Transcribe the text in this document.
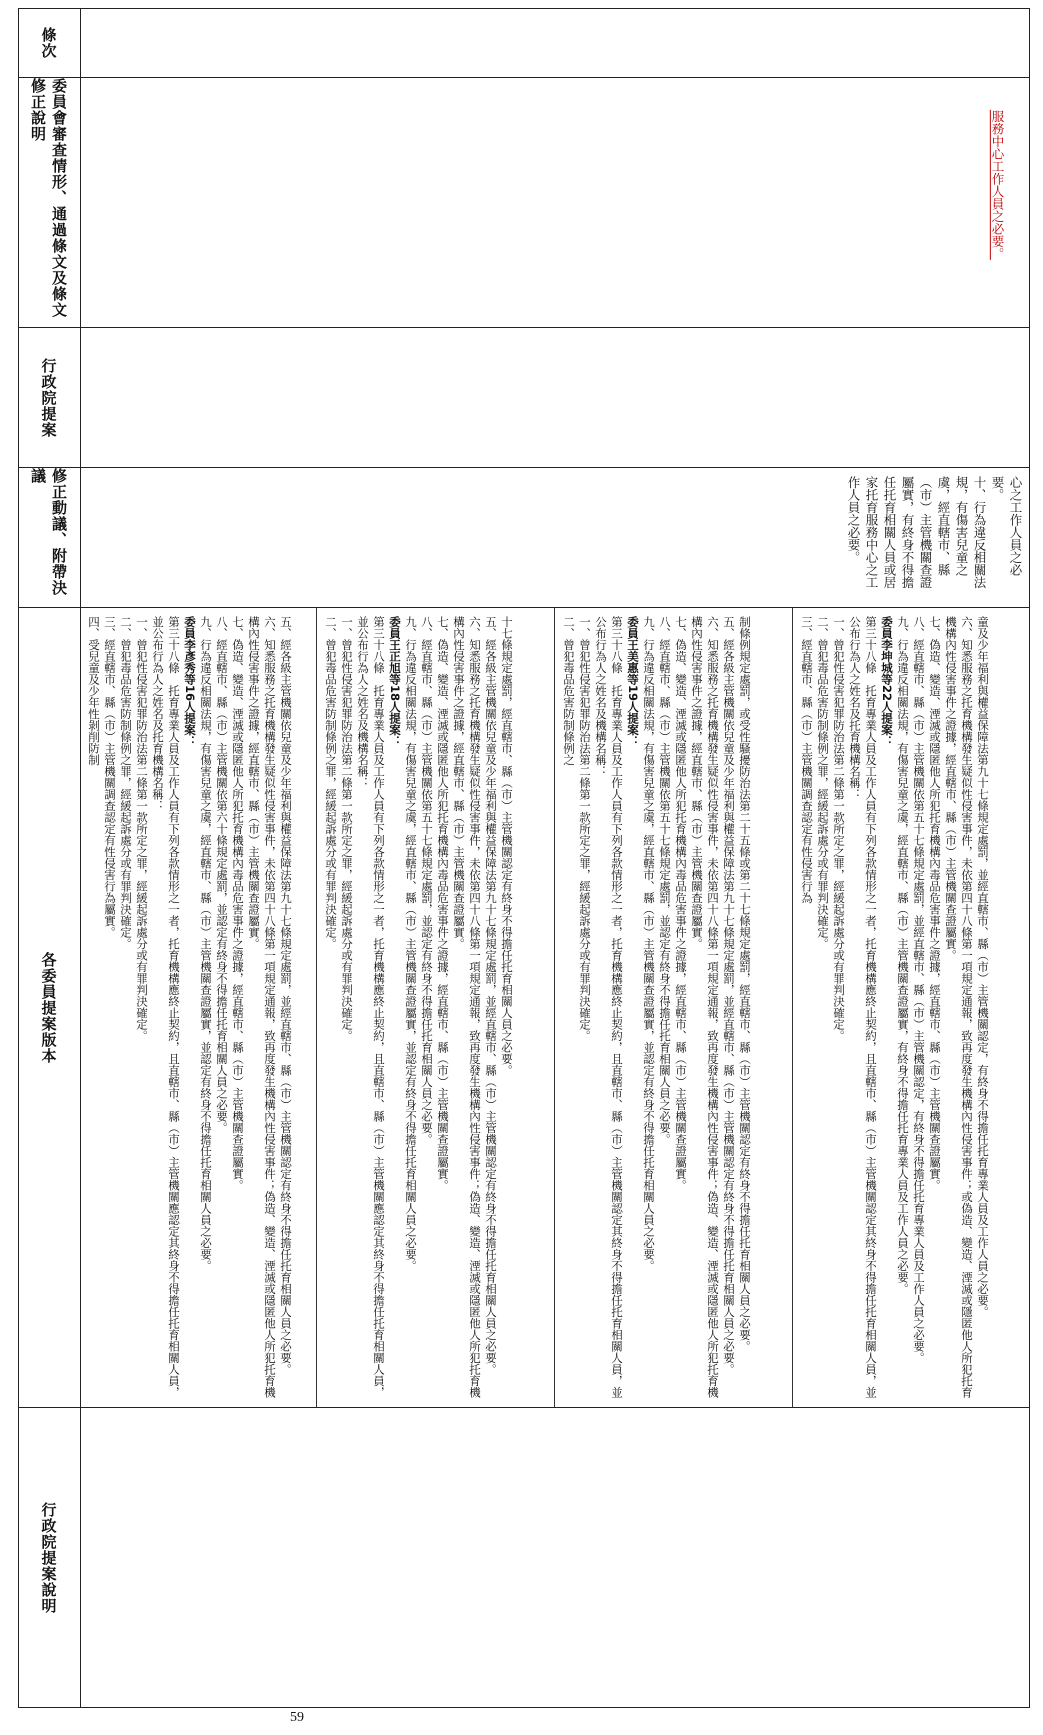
條次
委員會審查情形、通過條文及條文修正說明
行政院提案
修正動議、附帶決議
各委員提案版本
行政院提案說明

服務中心工作人員之必要。

心之工作人員之必要。
十、行為違反相關法規，有傷害兒童之虞，經直轄市、縣（市）主管機關查證屬實，有終身不得擔任托育相關人員或居家托育服務中心之工作人員之必要。
童及少年福利與權益保障法第九十七條規定處罰，並經直轄市、縣（市）主管機關認定，有終身不得擔任托育專業人員及工作人員之必要。
六、知悉服務之托育機構發生疑似性侵害事件，未依第四十八條第一項規定通報，致再度發生機構內性侵害事件；或偽造、變造、湮滅或隱匿他人所犯托育機構內性侵害事件之證據，經直轄市、縣（市）主管機關查證屬實。
七、偽造、變造、湮滅或隱匿他人所犯托育機構內毒品危害事件之證據，經直轄市、縣（市）主管機關查證屬實。
八、經直轄市、縣（市）主管機關依第五十七條規定處罰，並經直轄市、縣（市）主管機關認定，有終身不得擔任托育專業人員及工作人員之必要。
九、行為違反相關法規，有傷害兒童之虞，經直轄市、縣（市）主管機關查證屬實，有終身不得擔任托育專業人員及工作人員之必要。
委員李坤城等22人提案：
第三十八條　托育專業人員及工作人員有下列各款情形之一者，托育機構應終止契約，且直轄市、縣（市）主管機關認定其終身不得擔任托育相關人員，並公布行為人之姓名及托育機構名稱：
一、曾犯性侵害犯罪防治法第二條第一款所定之罪，經緩起訴處分或有罪判決確定。
二、曾犯毒品危害防制條例之罪，經緩起訴處分或有罪判決確定。
三、經直轄市、縣（市）主管機關調查認定有性侵害行為
制條例規定處罰，或受性騷擾防治法第二十五條或第二十七條規定處罰，經直轄市、縣（市）主管機關認定有終身不得擔任托育相關人員之必要。
五、經各級主管機關依兒童及少年福利與權益保障法第九十七條規定處罰，並經直轄市、縣（市）主管機關認定有終身不得擔任托育相關人員之必要。
六、知悉服務之托育機構發生疑似性侵害事件，未依第四十八條第一項規定通報，致再度發生機構內性侵害事件；偽造、變造、湮滅或隱匿他人所犯托育機構內性侵害事件之證據，經直轄市、縣（市）主管機關查證屬實。
七、偽造、變造、湮滅或隱匿他人所犯托育機構內毒品危害事件之證據，經直轄市、縣（市）主管機關查證屬實。
八、經直轄市、縣（市）主管機關依第五十七條規定處罰，並認定有終身不得擔任托育相關人員之必要。
九、行為違反相關法規，有傷害兒童之虞，經直轄市、縣（市）主管機關查證屬實，並認定有終身不得擔任托育相關人員之必要。
委員王美惠等19人提案：
第三十八條　托育專業人員及工作人員有下列各款情形之一者，托育機構應終止契約，且直轄市、縣（市）主管機關認定其終身不得擔任托育相關人員，並公布行為人之姓名及機構名稱：
一、曾犯性侵害犯罪防治法第二條第一款所定之罪，經緩起訴處分或有罪判決確定。
二、曾犯毒品危害防制條例之
十七條規定處罰，經直轄市、縣（市）主管機關認定有終身不得擔任托育相關人員之必要。
五、經各級主管機關依兒童及少年福利與權益保障法第九十七條規定處罰，並經直轄市、縣（市）主管機關認定有終身不得擔任托育相關人員之必要。
六、知悉服務之托育機構發生疑似性侵害事件，未依第四十八條第一項規定通報，致再度發生機構內性侵害事件；偽造、變造、湮滅或隱匿他人所犯托育機構內性侵害事件之證據，經直轄市、縣（市）主管機關查證屬實。
七、偽造、變造、湮滅或隱匿他人所犯托育機構內毒品危害事件之證據，經直轄市、縣（市）主管機關查證屬實。
八、經直轄市、縣（市）主管機關依第五十七條規定處罰，並認定有終身不得擔任托育相關人員之必要。
九、行為違反相關法規，有傷害兒童之虞，經直轄市、縣（市）主管機關查證屬實，並認定有終身不得擔任托育相關人員之必要。
委員王正旭等18人提案：
第三十八條　托育專業人員及工作人員有下列各款情形之一者，托育機構應終止契約，且直轄市、縣（市）主管機關應認定其終身不得擔任托育相關人員，並公布行為人之姓名及機構名稱：
一、曾犯性侵害犯罪防治法第二條第一款所定之罪，經緩起訴處分或有罪判決確定。
二、曾犯毒品危害防制條例之罪，經緩起訴處分或有罪判決確定。
五、經各級主管機關依兒童及少年福利與權益保障法第九十七條規定處罰，並經直轄市、縣（市）主管機關認定有終身不得擔任托育相關人員之必要。
六、知悉服務之托育機構發生疑似性侵害事件，未依第四十八條第一項規定通報，致再度發生機構內性侵害事件；偽造、變造、湮滅或隱匿他人所犯托育機構內性侵害事件之證據，經直轄市、縣（市）主管機關查證屬實。
七、偽造、變造、湮滅或隱匿他人所犯托育機構內毒品危害事件之證據，經直轄市、縣（市）主管機關查證屬實。
八、經直轄市、縣（市）主管機關依第六十條規定處罰，並認定有終身不得擔任托育相關人員之必要。
九、行為違反相關法規，有傷害兒童之虞，經直轄市、縣（市）主管機關查證屬實，並認定有終身不得擔任托育相關人員之必要。
委員李彥秀等16人提案：
第三十八條　托育專業人員及工作人員有下列各款情形之一者，托育機構應終止契約，且直轄市、縣（市）主管機關應認定其終身不得擔任托育相關人員，並公布行為人之姓名及托育機構名稱：
一、曾犯性侵害犯罪防治法第二條第一款所定之罪，經緩起訴處分或有罪判決確定。
二、曾犯毒品危害防制條例之罪，經緩起訴處分或有罪判決確定。
三、經直轄市、縣（市）主管機關調查認定有性侵害行為屬實。
四、受兒童及少年性剝削防制
59
